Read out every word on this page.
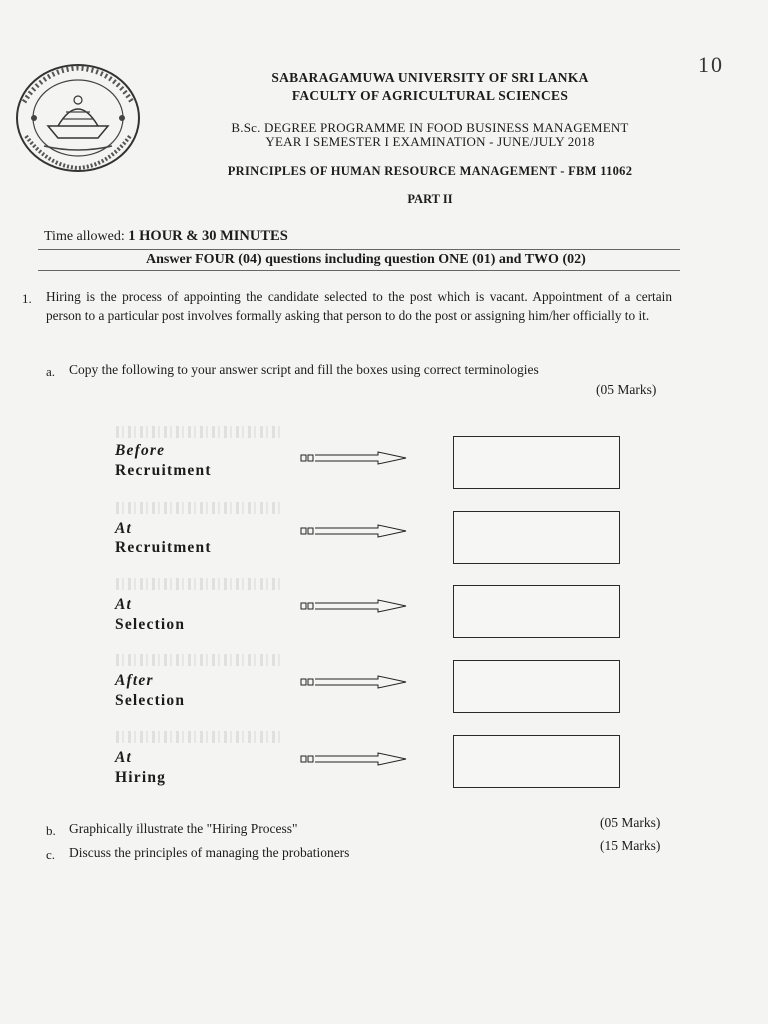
10
SABARAGAMUWA UNIVERSITY OF SRI LANKA
FACULTY OF AGRICULTURAL SCIENCES
B.Sc. DEGREE PROGRAMME IN FOOD BUSINESS MANAGEMENT
YEAR I SEMESTER I EXAMINATION - JUNE/JULY 2018
PRINCIPLES OF HUMAN RESOURCE MANAGEMENT - FBM 11062
PART II
Time allowed: 1 HOUR & 30 MINUTES
Answer FOUR (04) questions including question ONE (01) and TWO (02)
1. Hiring is the process of appointing the candidate selected to the post which is vacant. Appointment of a certain person to a particular post involves formally asking that person to do the post or assigning him/her officially to it.
a. Copy the following to your answer script and fill the boxes using correct terminologies
(05 Marks)
Before
Recruitment
At
Recruitment
At
Selection
After
Selection
At
Hiring
b. Graphically illustrate the "Hiring Process"	(05 Marks)
c. Discuss the principles of managing the probationers	(15 Marks)
